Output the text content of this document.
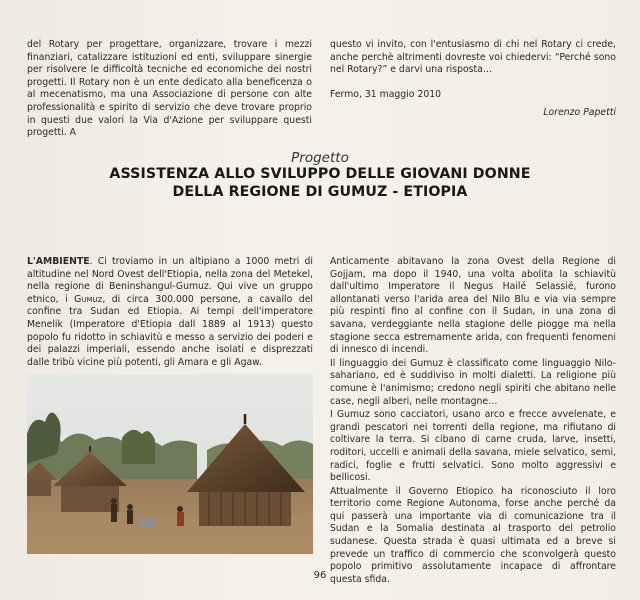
del Rotary per progettare, organizzare, trovare i mezzi finanziari, catalizzare istituzioni ed enti, sviluppare sinergie per risolvere le difficoltà tecniche ed economiche dei nostri progetti. Il Rotary non è un ente dedicato alla beneficenza o al mecenatismo, ma una Associazione di persone con alte professionalità e spirito di servizio che deve trovare proprio in questi due valori la Via d'Azione per sviluppare questi progetti. A

questo vi invito, con l'entusiasmo di chi nel Rotary ci crede, anche perchè altrimenti dovreste voi chiedervi: “Perché sono nel Rotary?” e darvi una risposta…

Fermo, 31 maggio 2010

Lorenzo Papetti

Progetto
ASSISTENZA ALLO SVILUPPO DELLE GIOVANI DONNE
DELLA REGIONE DI GUMUZ - ETIOPIA

L'AMBIENTE. Ci troviamo in un altipiano a 1000 metri di altitudine nel Nord Ovest dell'Etiopia, nella zona del Metekel, nella regione di Beninshangul-Gumuz. Qui vive un gruppo etnico, i Gumuz, di circa 300.000 persone, a cavallo del confine tra Sudan ed Etiopia. Ai tempi dell'imperatore Menelik (Imperatore d'Etiopia dall 1889 al 1913) questo popolo fu ridotto in schiavitù e messo a servizio dei poderi e dei palazzi imperiali, essendo anche isolati e disprezzati dalle tribù vicine più potenti, gli Amara e gli Agaw.

Anticamente abitavano la zona Ovest della Regione di Gojjam, ma dopo il 1940, una volta abolita la schiavitù dall'ultimo Imperatore il Negus Hailé Selassié, furono allontanati verso l'arida area del Nilo Blu e via via sempre più respinti fino al confine con il Sudan, in una zona di savana, verdeggiante nella stagione delle piogge ma nella stagione secca estremamente arida, con frequenti fenomeni di innesco di incendi.

Il linguaggio dei Gumuz è classificato come linguaggio Nilo-sahariano, ed è suddiviso in molti dialetti. La religione più comune è l'animismo; credono negli spiriti che abitano nelle case, negli alberi, nelle montagne…

I Gumuz sono cacciatori, usano arco e frecce avvelenate, e grandi pescatori nei torrenti della regione, ma rifiutano di coltivare la terra. Si cibano di carne cruda, larve, insetti, roditori, uccelli e animali della savana, miele selvatico, semi, radici, foglie e frutti selvatici. Sono molto aggressivi e bellicosi.

Attualmente il Governo Etiopico ha riconosciuto il loro territorio come Regione Autonoma, forse anche perché da qui passerà una importante via di comunicazione tra il Sudan e la Somalia destinata al trasporto del petrolio sudanese. Questa strada è quasi ultimata ed a breve si prevede un traffico di commercio che sconvolgerà questo popolo primitivo assolutamente incapace di affrontare questa sfida.

96
